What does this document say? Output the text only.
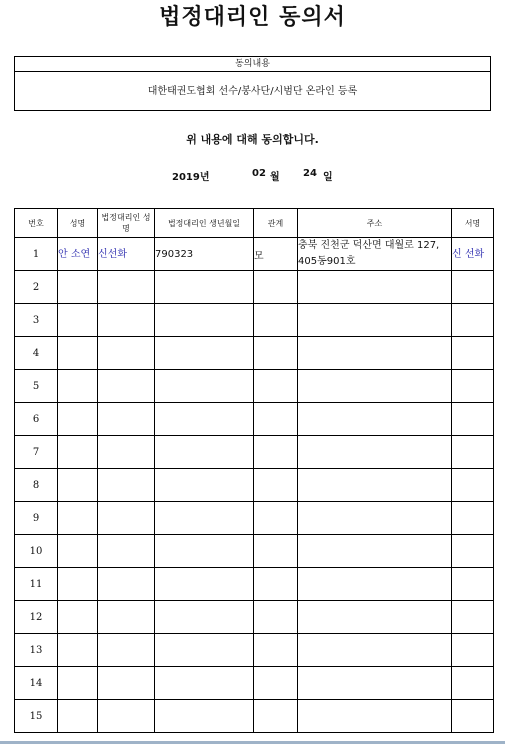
법정대리인 동의서
동의내용
대한태권도협회 선수/봉사단/시범단 온라인 등록
위 내용에 대해 동의합니다.
2019년	02 월 24 일
번호	성명	법정대리인 성명	법정대리인 생년월일	관계	주소	서명
1	안 소연	신선화	790323	모	충북 진천군 덕산면 대월로 127, 405동901호	신 선화
2						
3						
4						
5						
6						
7						
8						
9						
10						
11						
12						
13						
14						
15						
